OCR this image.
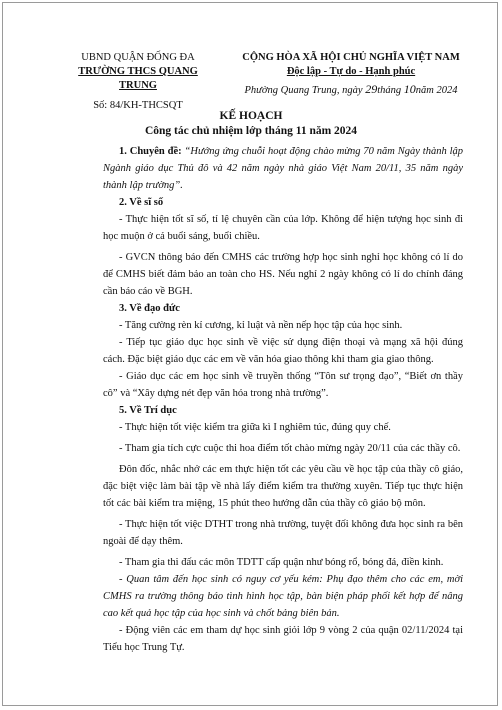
UBND QUẬN ĐỐNG ĐA
TRƯỜNG THCS QUANG TRUNG
Số: 84/KH-THCSQT
CỘNG HÒA XÃ HỘI CHỦ NGHĨA VIỆT NAM
Độc lập - Tự do - Hạnh phúc
Phường Quang Trung, ngày 29tháng 10năm 2024
KẾ HOẠCH
Công tác chủ nhiệm lớp tháng 11 năm 2024

1. Chuyên đề: “Hướng ứng chuỗi hoạt động chào mừng 70 năm Ngày thành lập Ngành giáo dục Thủ đô và 42 năm ngày nhà giáo Việt Nam 20/11, 35 năm ngày thành lập trường”.

2. Về sĩ số

- Thực hiện tốt sĩ số, tỉ lệ chuyên cần của lớp. Không để hiện tượng học sinh đi học muộn ở cả buổi sáng, buổi chiều.

- GVCN thông báo đến CMHS các trường hợp học sinh nghỉ học không có lí do để CMHS biết đảm bảo an toàn cho HS. Nếu nghỉ 2 ngày không có lí do chính đáng cần báo cáo về BGH.

3. Về đạo đức

- Tăng cường rèn kỉ cương, kỉ luật và nền nếp học tập của học sinh.

- Tiếp tục giáo dục học sinh về việc sử dụng điện thoại và mạng xã hội đúng cách. Đặc biệt giáo dục các em về văn hóa giao thông khi tham gia giao thông.

- Giáo dục các em học sinh về truyền thống “Tôn sư trọng đạo”, “Biết ơn thầy cô” và “Xây dựng nét đẹp văn hóa trong nhà trường”.

5. Về Trí dục

- Thực hiện tốt việc kiểm tra giữa kì I nghiêm túc, đúng quy chế.

- Tham gia tích cực cuộc thi hoa điểm tốt chào mừng ngày 20/11 của các thầy cô.

Đôn đốc, nhắc nhở các em thực hiện tốt các yêu cầu về học tập của thầy cô giáo, đặc biệt việc làm bài tập về nhà lấy điểm kiểm tra thường xuyên. Tiếp tục thực hiện tốt các bài kiểm tra miệng, 15 phút theo hướng dẫn của thầy cô giáo bộ môn.

- Thực hiện tốt việc DTHT trong nhà trường, tuyệt đối không đưa học sinh ra bên ngoài để dạy thêm.

- Tham gia thi đấu các môn TDTT cấp quận như bóng rổ, bóng đá, điền kinh.

- Quan tâm đến học sinh có nguy cơ yếu kém: Phụ đạo thêm cho các em, mời CMHS ra trường thông báo tình hình học tập, bàn biện pháp phối kết hợp để nâng cao kết quả học tập của học sinh và chốt bảng biên bản.

- Động viên các em tham dự học sinh giỏi lớp 9 vòng 2 của quận 02/11/2024 tại Tiểu học Trung Tự.
